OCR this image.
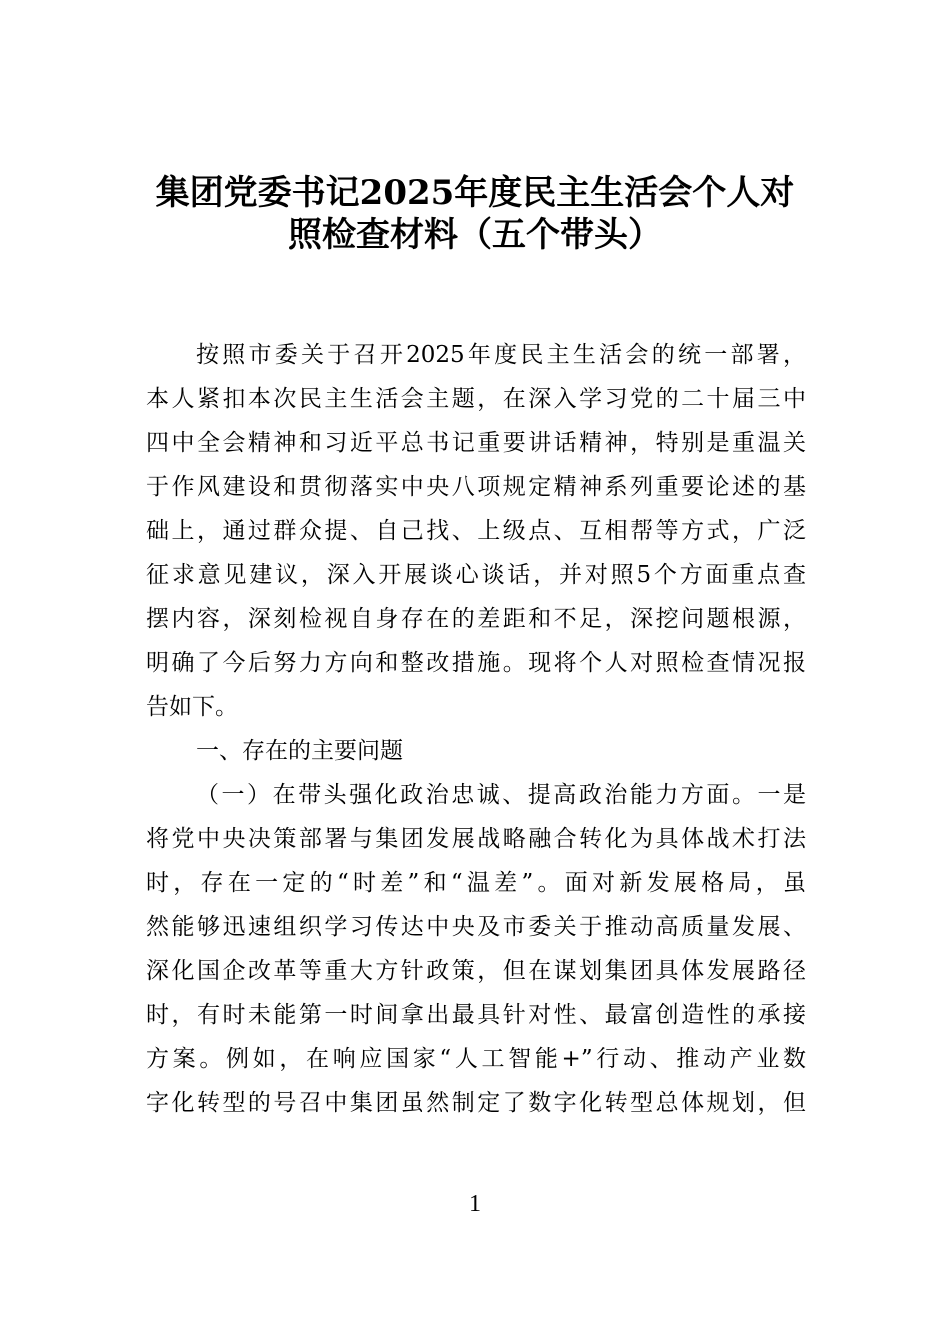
集团党委书记2025年度民主生活会个人对
照检查材料（五个带头）
按照市委关于召开2025年度民主生活会的统一部署，
本人紧扣本次民主生活会主题，在深入学习党的二十届三中
四中全会精神和习近平总书记重要讲话精神，特别是重温关
于作风建设和贯彻落实中央八项规定精神系列重要论述的基
础上，通过群众提、自己找、上级点、互相帮等方式，广泛
征求意见建议，深入开展谈心谈话，并对照5个方面重点查
摆内容，深刻检视自身存在的差距和不足，深挖问题根源，
明确了今后努力方向和整改措施。现将个人对照检查情况报
告如下。
一、存在的主要问题
（一）在带头强化政治忠诚、提高政治能力方面。一是
将党中央决策部署与集团发展战略融合转化为具体战术打法
时，存在一定的“时差”和“温差”。面对新发展格局，虽
然能够迅速组织学习传达中央及市委关于推动高质量发展、
深化国企改革等重大方针政策，但在谋划集团具体发展路径
时，有时未能第一时间拿出最具针对性、最富创造性的承接
方案。例如，在响应国家“人工智能+”行动、推动产业数
字化转型的号召中集团虽然制定了数字化转型总体规划，但
1
